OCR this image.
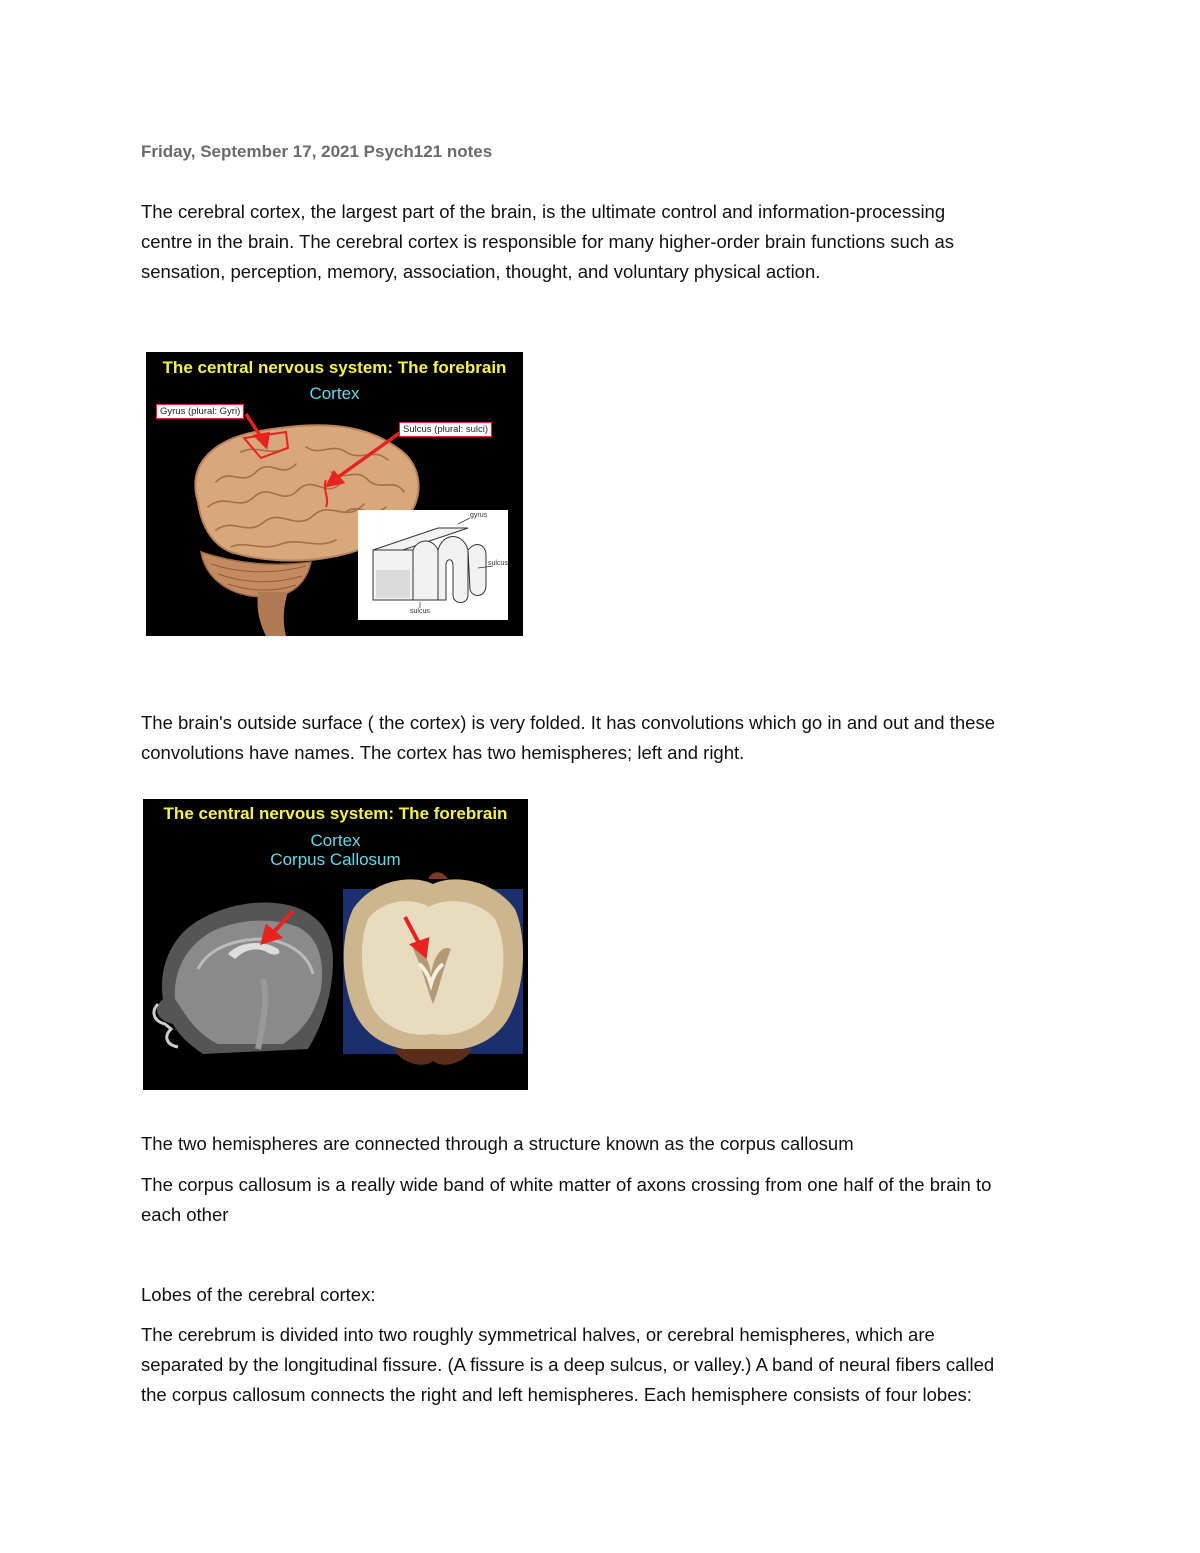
Friday, September 17, 2021 Psych121 notes
The cerebral cortex, the largest part of the brain, is the ultimate control and information-processing
centre in the brain. The cerebral cortex is responsible for many higher-order brain functions such as
sensation, perception, memory, association, thought, and voluntary physical action.
The central nervous system: The forebrain
Cortex
Gyrus (plural: Gyri)
Sulcus (plural: sulci)
gyrus
sulcus
sulcus
The brain's outside surface ( the cortex) is very folded. It has convolutions which go in and out and these
convolutions have names. The cortex has two hemispheres; left and right.
The central nervous system: The forebrain
Cortex
Corpus Callosum
The two hemispheres are connected through a structure known as the corpus callosum
The corpus callosum is a really wide band of white matter of axons crossing from one half of the brain to
each other
Lobes of the cerebral cortex:
The cerebrum is divided into two roughly symmetrical halves, or cerebral hemispheres, which are
separated by the longitudinal fissure. (A fissure is a deep sulcus, or valley.) A band of neural fibers called
the corpus callosum connects the right and left hemispheres. Each hemisphere consists of four lobes:
